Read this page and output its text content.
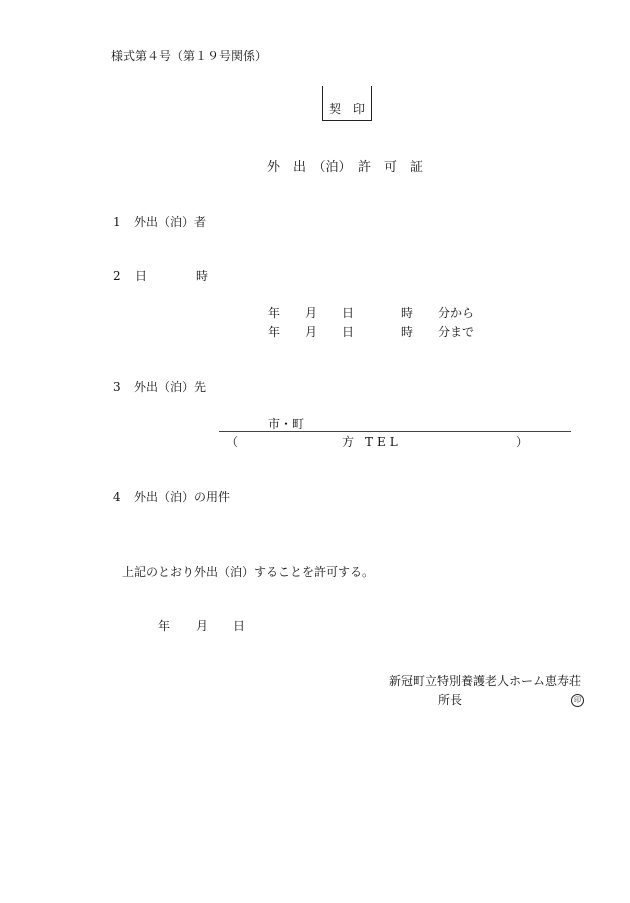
様式第４号（第１９号関係）
契　印
外　出　（泊）　許　可　証
1 外出（泊）者
2 日	時
年 月 日	時 分から
年 月 日	時 分まで
3 外出（泊）先
市・町
（	方 TEL	）
4 外出（泊）の用件
上記のとおり外出（泊）することを許可する。
年 月 日
新冠町立特別養護老人ホーム恵寿荘
所長	印
